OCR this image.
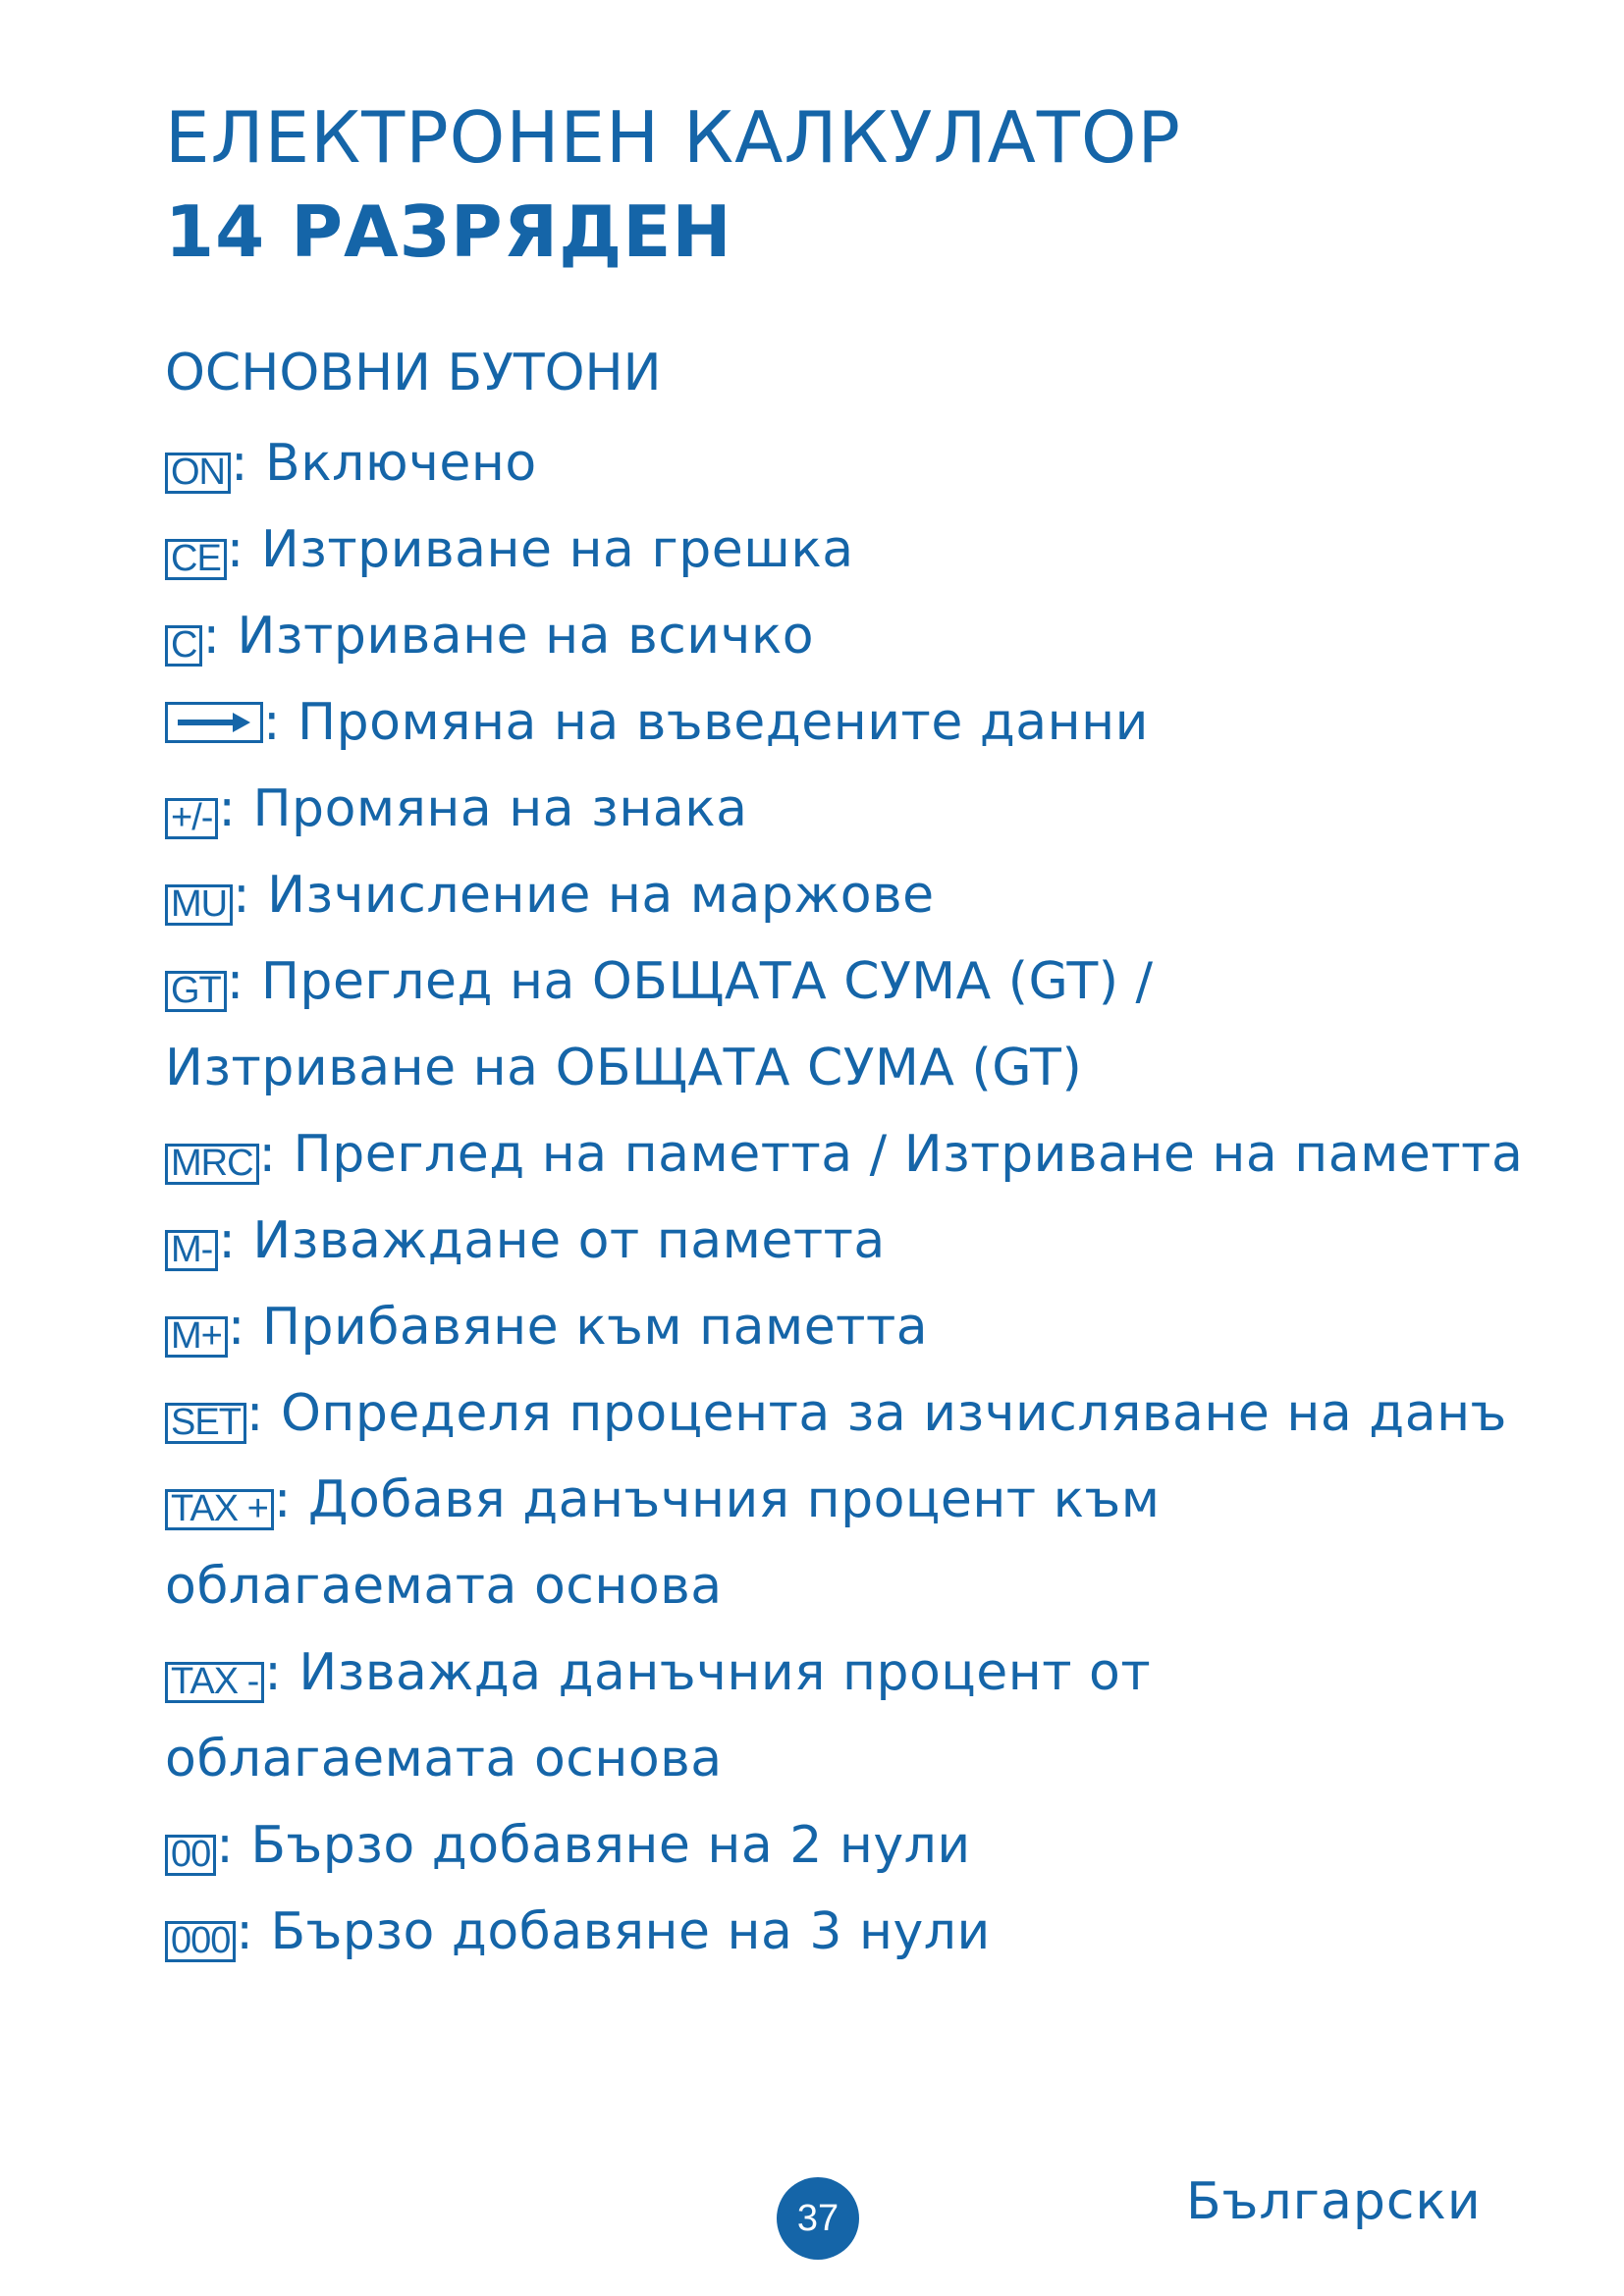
ЕЛЕКТРОНЕН КАЛКУЛАТОР
14 РАЗРЯДЕН
ОСНОВНИ БУТОНИ
ON : Включено
CE : Изтриване на грешка
C : Изтриване на всичко
: Промяна на въведените данни
+/- : Промяна на знака
MU : Изчисление на маржове
GT : Преглед на ОБЩАТА СУМА (GT) /
Изтриване на ОБЩАТА СУМА (GT)
MRC : Преглед на паметта / Изтриване на паметта
M- : Изваждане от паметта
M+ : Прибавяне към паметта
SET : Определя процента за изчисляване на данъ
TAX + : Добавя данъчния процент към
облагаемата основа
TAX - : Изважда данъчния процент от
облагаемата основа
00 : Бързо добавяне на 2 нули
000 : Бързо добавяне на 3 нули
37	Български
